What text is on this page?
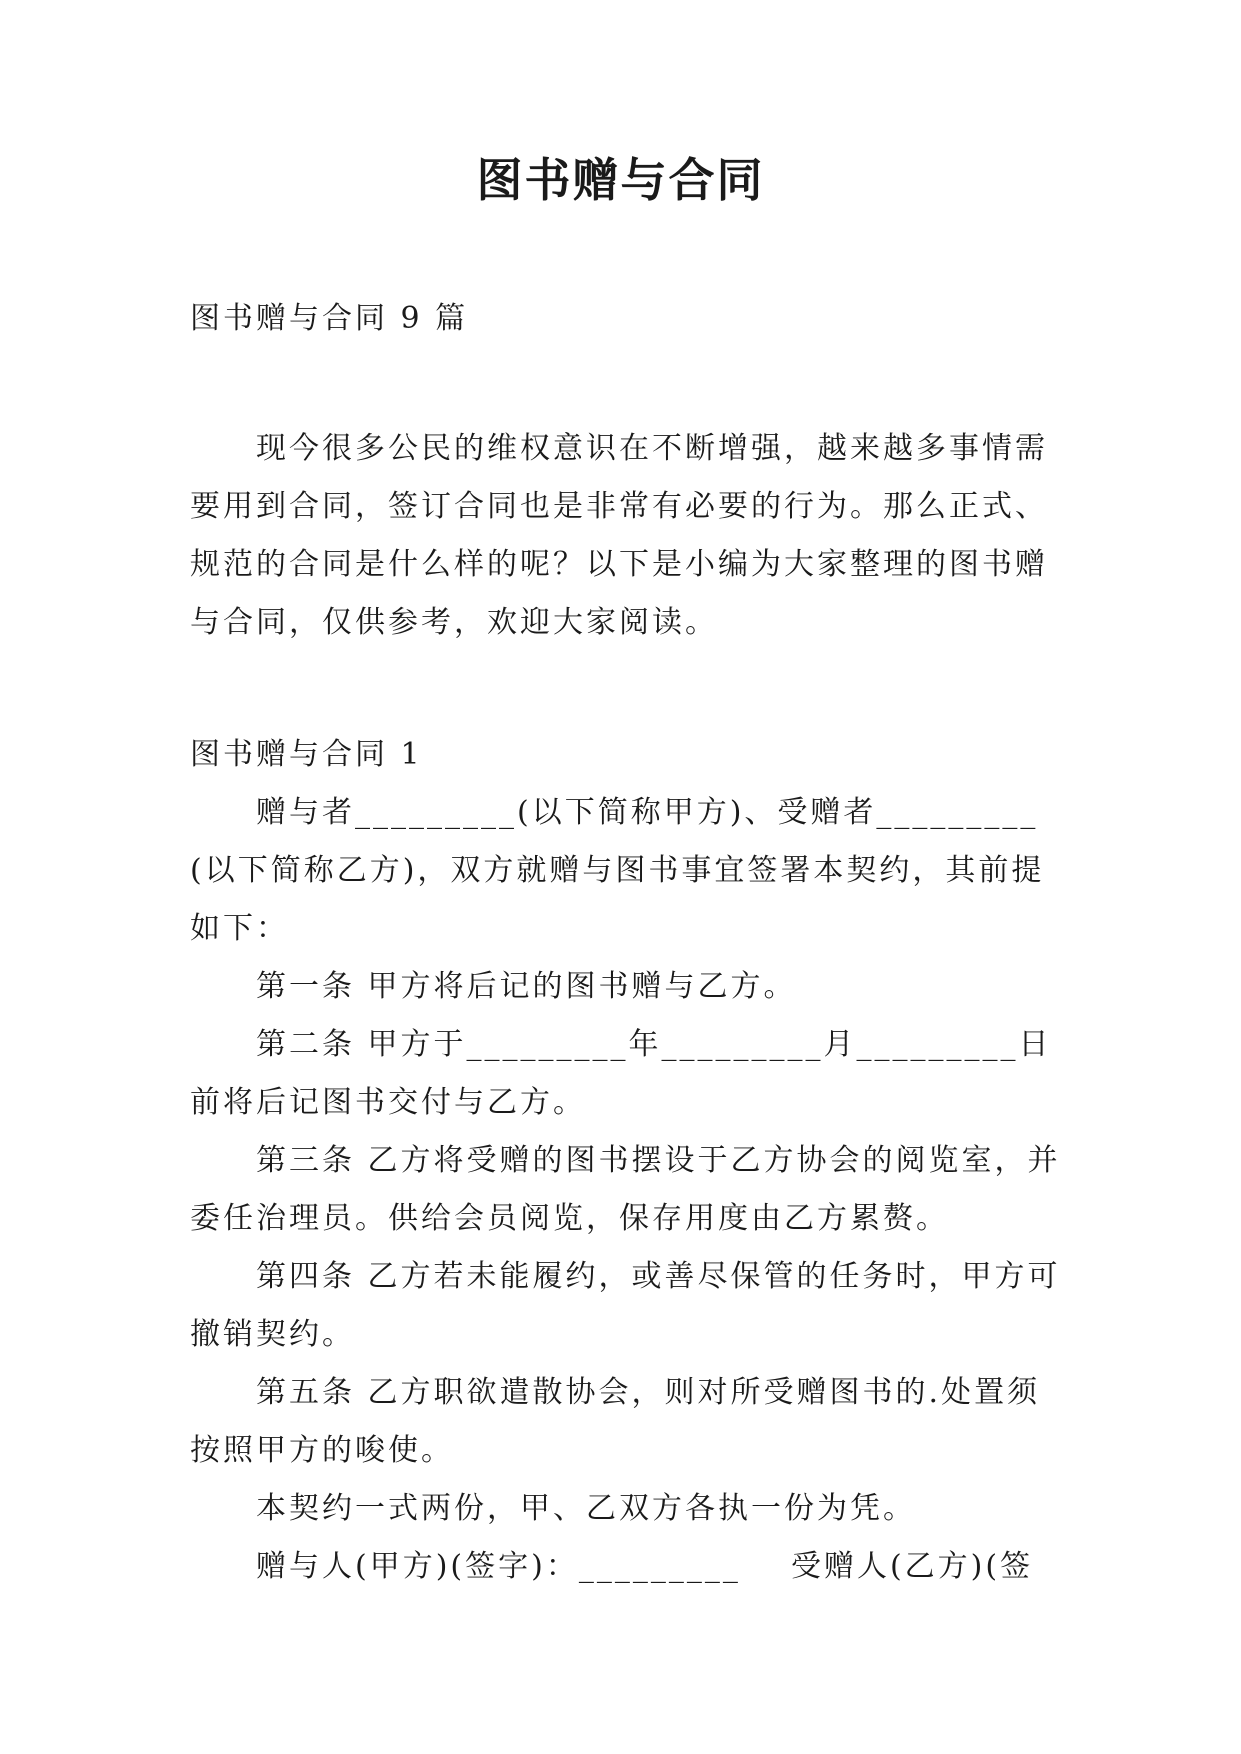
图书赠与合同

图书赠与合同 9 篇

现今很多公民的维权意识在不断增强，越来越多事情需要用到合同，签订合同也是非常有必要的行为。那么正式、规范的合同是什么样的呢？以下是小编为大家整理的图书赠与合同，仅供参考，欢迎大家阅读。

图书赠与合同 1

赠与者_________(以下简称甲方)、受赠者_________(以下简称乙方)，双方就赠与图书事宜签署本契约，其前提如下：

第一条 甲方将后记的图书赠与乙方。

第二条 甲方于_________年_________月_________日前将后记图书交付与乙方。

第三条 乙方将受赠的图书摆设于乙方协会的阅览室，并委任治理员。供给会员阅览，保存用度由乙方累赘。

第四条 乙方若未能履约，或善尽保管的任务时，甲方可撤销契约。

第五条 乙方职欲遣散协会，则对所受赠图书的.处置须按照甲方的唆使。

本契约一式两份，甲、乙双方各执一份为凭。

赠与人(甲方)(签字)：_________    受赠人(乙方)(签
